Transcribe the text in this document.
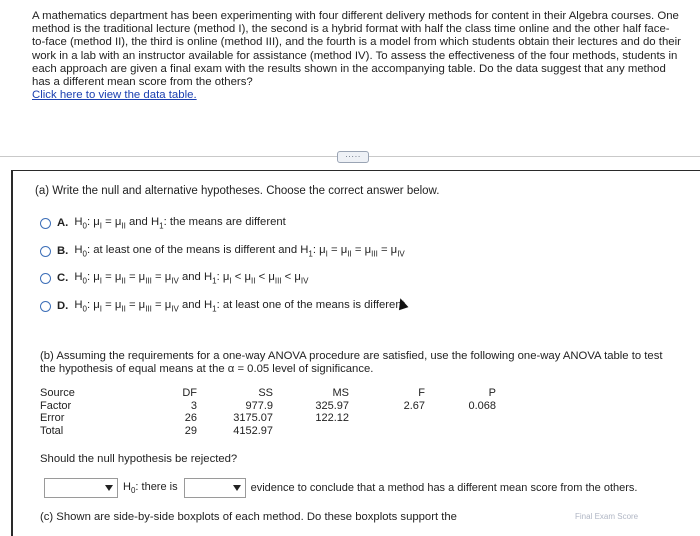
A mathematics department has been experimenting with four different delivery methods for content in their Algebra courses. One method is the traditional lecture (method I), the second is a hybrid format with half the class time online and the other half face-to-face (method II), the third is online (method III), and the fourth is a model from which students obtain their lectures and do their work in a lab with an instructor available for assistance (method IV). To assess the effectiveness of the four methods, students in each approach are given a final exam with the results shown in the accompanying table. Do the data suggest that any method has a different mean score from the others?

Click here to view the data table.
·····
(a) Write the null and alternative hypotheses. Choose the correct answer below.
A. $H_0$: $\mu_I = \mu_{II}$ and $H_1$: the means are different
B. $H_0$: at least one of the means is different and $H_1$: $\mu_I = \mu_{II} = \mu_{III} = \mu_{IV}$
C. $H_0$: $\mu_I = \mu_{II} = \mu_{III} = \mu_{IV}$ and $H_1$: $\mu_I < \mu_{II} < \mu_{III} < \mu_{IV}$
D. $H_0$: $\mu_I = \mu_{II} = \mu_{III} = \mu_{IV}$ and $H_1$: at least one of the means is different
(b) Assuming the requirements for a one-way ANOVA procedure are satisfied, use the following one-way ANOVA table to test the hypothesis of equal means at the α = 0.05 level of significance.
Source
Factor
Error
Total
DF
3
26
29
SS
977.9
3175.07
4152.97
MS
325.97
122.12
F
2.67
P
0.068
Should the null hypothesis be rejected?
$H_0$: there is	evidence to conclude that a method has a different mean score from the others.
(c) Shown are side-by-side boxplots of each method. Do these boxplots support the	Final Exam Score
